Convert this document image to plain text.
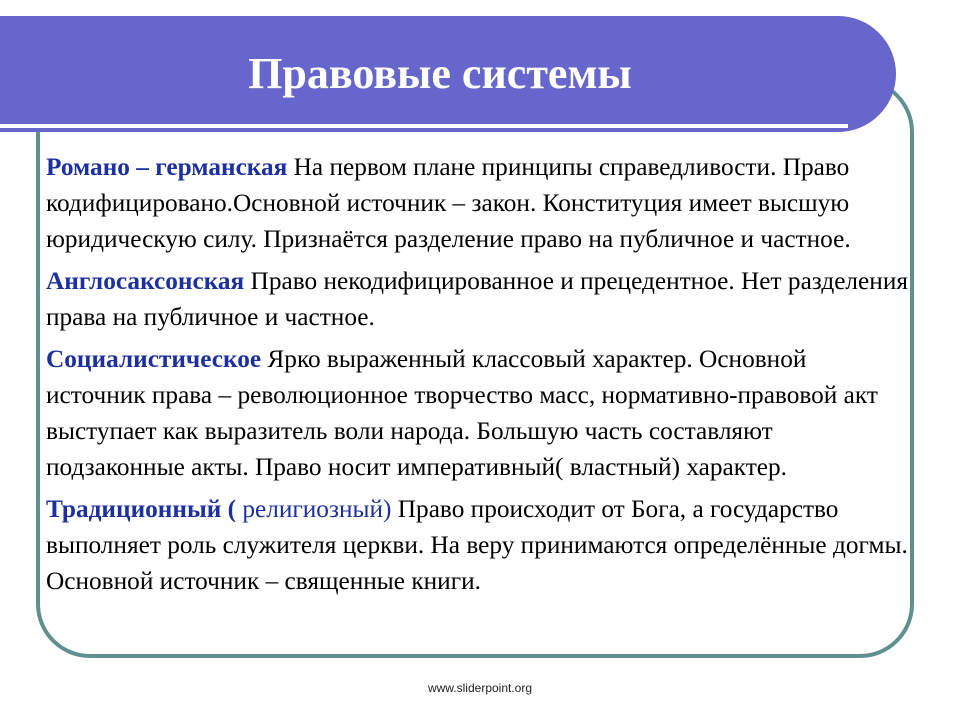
Правовые системы

Романо – германская На первом плане принципы справедливости. Право кодифицировано.Основной источник – закон. Конституция имеет высшую юридическую силу. Признаётся разделение право на публичное и частное.

Англосаксонская Право некодифицированное и прецедентное. Нет разделения права на публичное и частное.

Социалистическое Ярко выраженный классовый характер. Основной источник права – революционное творчество масс, нормативно-правовой акт выступает как выразитель воли народа. Большую часть составляют подзаконные акты. Право носит императивный( властный) характер.

Традиционный ( религиозный) Право происходит от Бога, а государство выполняет роль служителя церкви. На веру принимаются определённые догмы. Основной источник – священные книги.

www.sliderpoint.org
